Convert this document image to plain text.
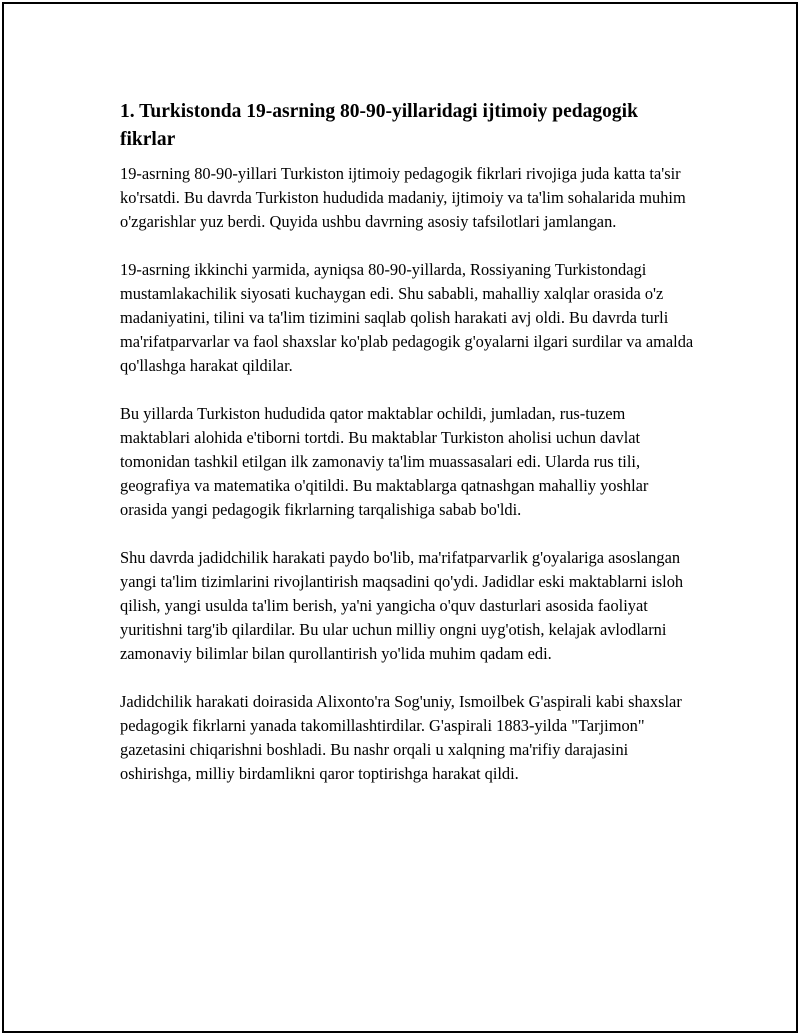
1. Turkistonda 19-asrning 80-90-yillaridagi ijtimoiy pedagogik fikrlar

19-asrning 80-90-yillari Turkiston ijtimoiy pedagogik fikrlari rivojiga juda katta ta'sir ko'rsatdi. Bu davrda Turkiston hududida madaniy, ijtimoiy va ta'lim sohalarida muhim o'zgarishlar yuz berdi. Quyida ushbu davrning asosiy tafsilotlari jamlangan.

19-asrning ikkinchi yarmida, ayniqsa 80-90-yillarda, Rossiyaning Turkistondagi mustamlakachilik siyosati kuchaygan edi. Shu sababli, mahalliy xalqlar orasida o'z madaniyatini, tilini va ta'lim tizimini saqlab qolish harakati avj oldi. Bu davrda turli ma'rifatparvarlar va faol shaxslar ko'plab pedagogik g'oyalarni ilgari surdilar va amalda qo'llashga harakat qildilar.

Bu yillarda Turkiston hududida qator maktablar ochildi, jumladan, rus-tuzem maktablari alohida e'tiborni tortdi. Bu maktablar Turkiston aholisi uchun davlat tomonidan tashkil etilgan ilk zamonaviy ta'lim muassasalari edi. Ularda rus tili, geografiya va matematika o'qitildi. Bu maktablarga qatnashgan mahalliy yoshlar orasida yangi pedagogik fikrlarning tarqalishiga sabab bo'ldi.

Shu davrda jadidchilik harakati paydo bo'lib, ma'rifatparvarlik g'oyalariga asoslangan yangi ta'lim tizimlarini rivojlantirish maqsadini qo'ydi. Jadidlar eski maktablarni isloh qilish, yangi usulda ta'lim berish, ya'ni yangicha o'quv dasturlari asosida faoliyat yuritishni targ'ib qilardilar. Bu ular uchun milliy ongni uyg'otish, kelajak avlodlarni zamonaviy bilimlar bilan qurollantirish yo'lida muhim qadam edi.

Jadidchilik harakati doirasida Alixonto'ra Sog'uniy, Ismoilbek G'aspirali kabi shaxslar pedagogik fikrlarni yanada takomillashtirdilar. G'aspirali 1883-yilda "Tarjimon" gazetasini chiqarishni boshladi. Bu nashr orqali u xalqning ma'rifiy darajasini oshirishga, milliy birdamlikni qaror toptirishga harakat qildi.
